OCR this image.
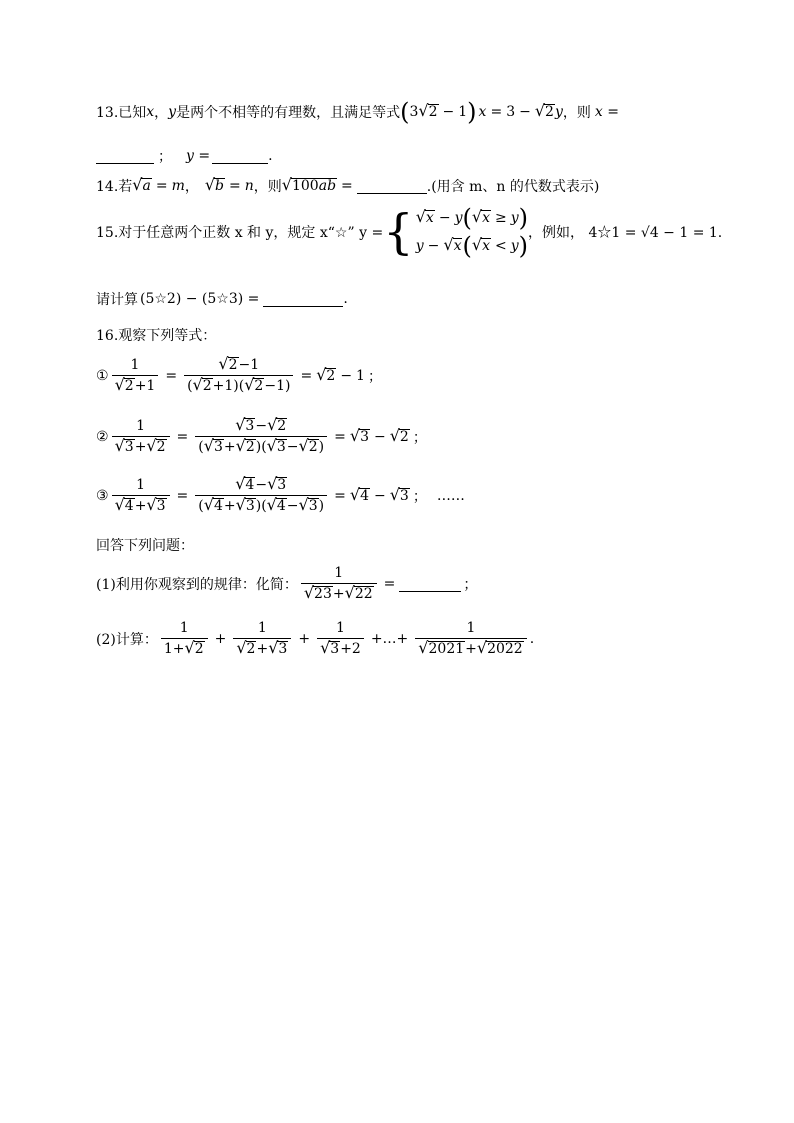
13.已知 x ， y 是两个不相等的有理数，且满足等式 ( 3 √ 2 − 1 ) x = 3 − √ 2 y ，则 x =
； y =	.
14.若 √ a = m ， √ b = n ，则 √ 100ab =	.(用含 m、n 的代数式表示)
15.对于任意两个正数 x 和 y，规定 x“☆” y = { √ x − y ( √ x ≥ y )
y − √ x ( √ x < y ) ，例如， 4☆1 = √4 − 1 = 1.
请计算 (5☆2) − (5☆3) =	.
16.观察下列等式：
① $\frac{1}{√ 2 +1} = \frac{√ 2 -1}{( √ 2 +1)( √ 2 -1)}$ = √ 2 − 1 ；
② $\frac{1}{√ 3 + √ 2} = \frac{√ 3 - √ 2}{( √ 3 + √ 2 )( √ 3 - √ 2 )}$ = √ 3 − √ 2 ；
③ $\frac{1}{√ 4 + √ 3} = \frac{√ 4 - √ 3}{( √ 4 + √ 3 )( √ 4 - √ 3 )}$ = √ 4 − √ 3 ； ……
回答下列问题：
(1)利用你观察到的规律：化简： $\frac{1}{√ 23 + √ 22}$ =	；
(2)计算： $\frac{1}{1+ √ 2} + \frac{1}{√ 2 + √ 3} + \frac{1}{√ 3 +2}$ +…+ $\frac{1}{√ 2021 + √ 2022}$ .
